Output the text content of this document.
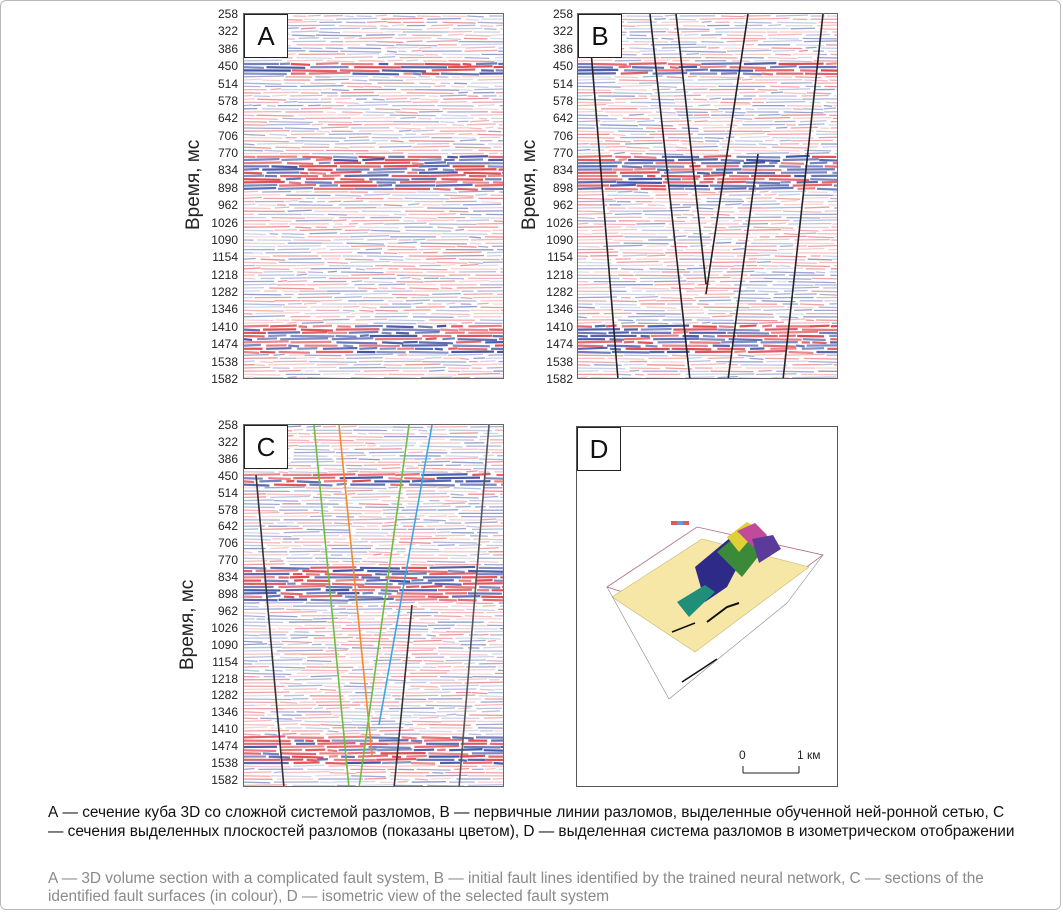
258
322
386
450
514
578
642
706
770
834
898
962
1026
1090
1154
1218
1282
1346
1410
1474
1538
1582
Время, мс
A
258
322
386
450
514
578
642
706
770
834
898
962
1026
1090
1154
1218
1282
1346
1410
1474
1538
1582
Время, мс
B
258
322
386
450
514
578
642
706
770
834
898
962
1026
1090
1154
1218
1282
1346
1410
1474
1538
1582
Время, мс
C	D
0	1 км
А — сечение куба 3D со сложной системой разломов, В — первичные линии разломов, выделенные обученной ней-ронной сетью, С — сечения выделенных плоскостей разломов (показаны цветом), D — выделенная система разломов в изометрическом отображении
A — 3D volume section with a complicated fault system, B — initial fault lines identified by the trained neural network, C — sections of the identified fault surfaces (in colour), D — isometric view of the selected fault system
